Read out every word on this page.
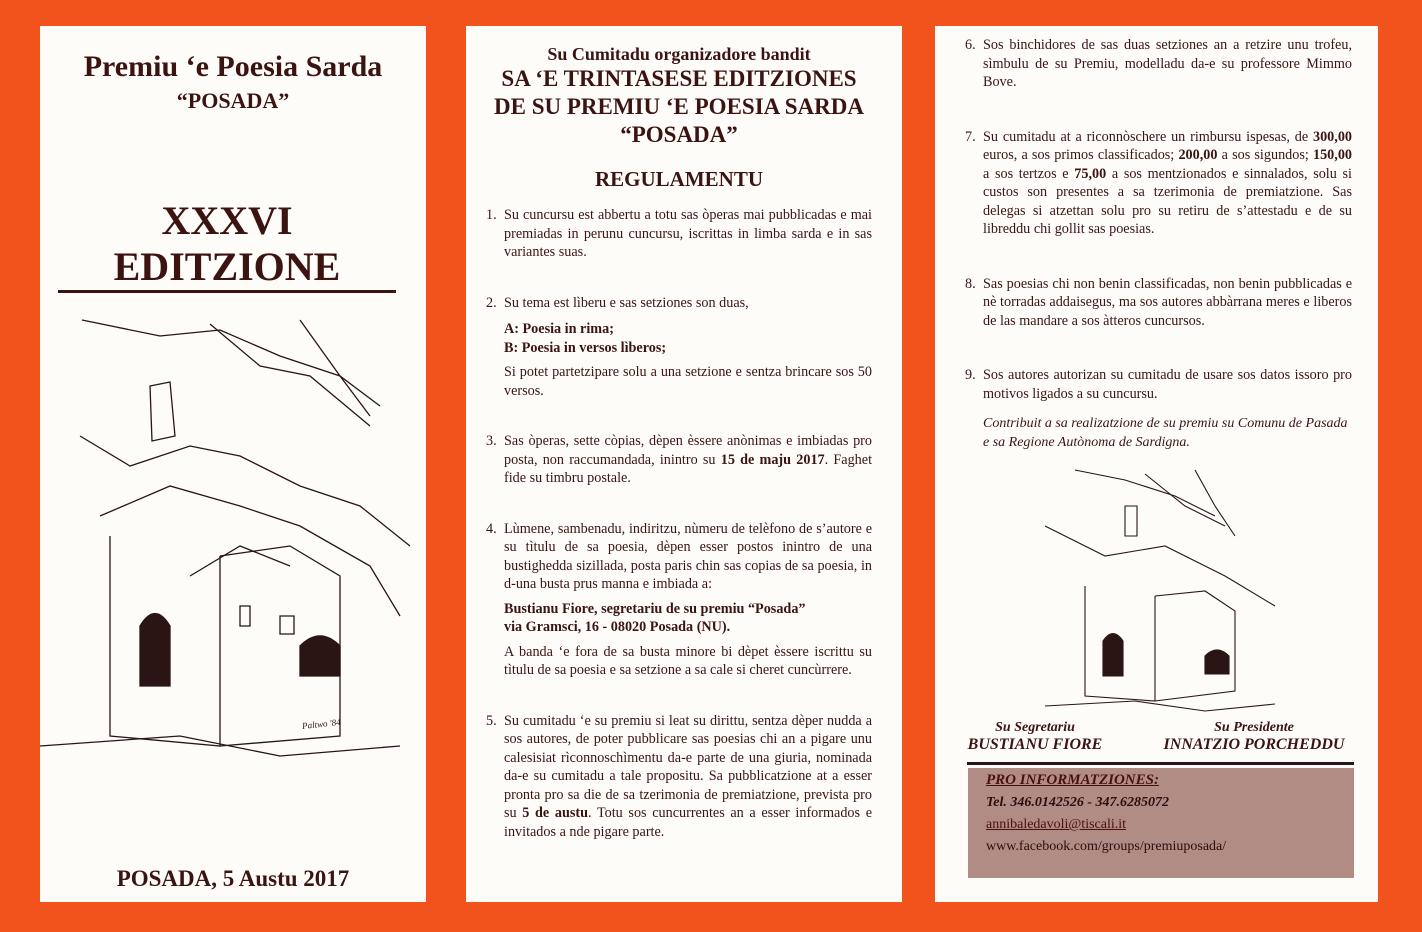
Premiu ‘e Poesia Sarda
“POSADA”
XXXVI EDITZIONE
Paltwo '84
POSADA, 5 Austu 2017
Su Cumitadu organizadore bandit
SA ‘E TRINTASESE EDITZIONES
DE SU PREMIU ‘E POESIA SARDA
“POSADA”
REGULAMENTU
1. Su cuncursu est abbertu a totu sas òperas mai pubblicadas e mai premiadas in perunu cuncursu, iscrittas in limba sarda e in sas variantes suas.

2. Su tema est lìberu e sas setziones son duas,

A: Poesia in rima;

B: Poesia in versos lìberos;

Si potet partetzipare solu a una setzione e sentza brincare sos 50 versos.

3. Sas òperas, sette còpias, dèpen èssere anònimas e imbiadas pro posta, non raccumandada, inintro su 15 de maju 2017. Faghet fide su timbru postale.

4. Lùmene, sambenadu, indiritzu, nùmeru de telèfono de s’autore e su tìtulu de sa poesia, dèpen esser postos inintro de una bustighedda sizillada, posta paris chin sas copias de sa poesia, in d-una busta prus manna e imbiada a:

Bustianu Fiore, segretariu de su premiu “Posada”

via Gramsci, 16 - 08020 Posada (NU).

A banda ‘e fora de sa busta minore bi dèpet èssere iscrittu su tìtulu de sa poesia e sa setzione a sa cale si cheret cuncùrrere.

5. Su cumitadu ‘e su premiu si leat su dirittu, sentza dèper nudda a sos autores, de poter pubblicare sas poesias chi an a pigare unu calesisiat rìconnoschìmentu da-e parte de una giuria, nominada da-e su cumitadu a tale propositu. Sa pubblicatzione at a esser pronta pro sa die de sa tzerimonia de premiatzione, prevista pro su 5 de austu. Totu sos cuncurrentes an a esser informados e invitados a nde pigare parte.

6. Sos binchidores de sas duas setziones an a retzire unu trofeu, sìmbulu de su Premiu, modelladu da-e su professore Mimmo Bove.

7. Su cumitadu at a riconnòschere un rimbursu ispesas, de 300,00 euros, a sos primos classificados; 200,00 a sos sigundos; 150,00 a sos tertzos e 75,00 a sos mentzionados e sinnalados, solu si custos son presentes a sa tzerimonia de premiatzione. Sas delegas si atzettan solu pro su retiru de s’attestadu e de su libreddu chi gollit sas poesias.

8. Sas poesias chi non benin classificadas, non benin pubblicadas e nè torradas addaisegus, ma sos autores abbàrrana meres e liberos de las mandare a sos àtteros cuncursos.

9. Sos autores autorizan su cumitadu de usare sos datos issoro pro motivos ligados a su cuncursu.

Contribuit a sa realizatzione de su premiu su Comunu de Pasada e sa Regione Autònoma de Sardigna.
Su Segretariu
BUSTIANU FIORE
Su Presidente
INNATZIO PORCHEDDU
PRO INFORMATZIONES:
Tel. 346.0142526 - 347.6285072
annibaledavoli@tiscali.it
www.facebook.com/groups/premiuposada/
